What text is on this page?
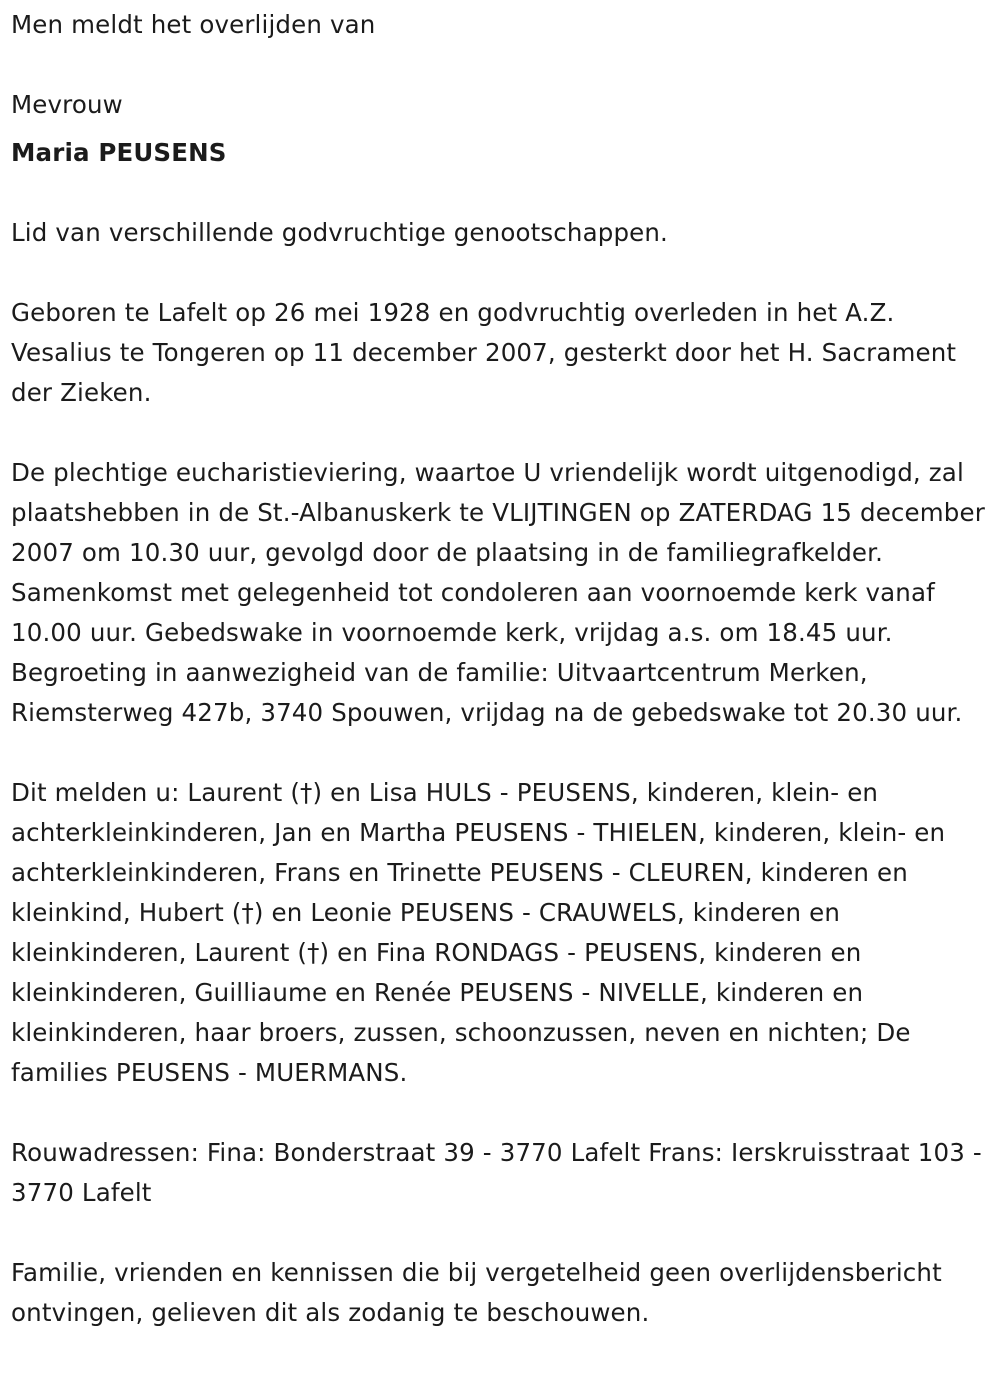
Men meldt het overlijden van

Mevrouw

Maria PEUSENS

Lid van verschillende godvruchtige genootschappen.

Geboren te Lafelt op 26 mei 1928 en godvruchtig overleden in het A.Z. Vesalius te Tongeren op 11 december 2007, gesterkt door het H. Sacrament der Zieken.

De plechtige eucharistieviering, waartoe U vriendelijk wordt uitgenodigd, zal plaatshebben in de St.-Albanuskerk te VLIJTINGEN op ZATERDAG 15 december 2007 om 10.30 uur, gevolgd door de plaatsing in de familiegrafkelder. Samenkomst met gelegenheid tot condoleren aan voornoemde kerk vanaf 10.00 uur. Gebedswake in voornoemde kerk, vrijdag a.s. om 18.45 uur. Begroeting in aanwezigheid van de familie: Uitvaartcentrum Merken, Riemsterweg 427b, 3740 Spouwen, vrijdag na de gebedswake tot 20.30 uur.

Dit melden u: Laurent (†) en Lisa HULS - PEUSENS, kinderen, klein- en achterkleinkinderen, Jan en Martha PEUSENS - THIELEN, kinderen, klein- en achterkleinkinderen, Frans en Trinette PEUSENS - CLEUREN, kinderen en kleinkind, Hubert (†) en Leonie PEUSENS - CRAUWELS, kinderen en kleinkinderen, Laurent (†) en Fina RONDAGS - PEUSENS, kinderen en kleinkinderen, Guilliaume en Renée PEUSENS - NIVELLE, kinderen en kleinkinderen, haar broers, zussen, schoonzussen, neven en nichten; De families PEUSENS - MUERMANS.

Rouwadressen: Fina: Bonderstraat 39 - 3770 Lafelt Frans: Ierskruisstraat 103 - 3770 Lafelt

Familie, vrienden en kennissen die bij vergetelheid geen overlijdensbericht ontvingen, gelieven dit als zodanig te beschouwen.
